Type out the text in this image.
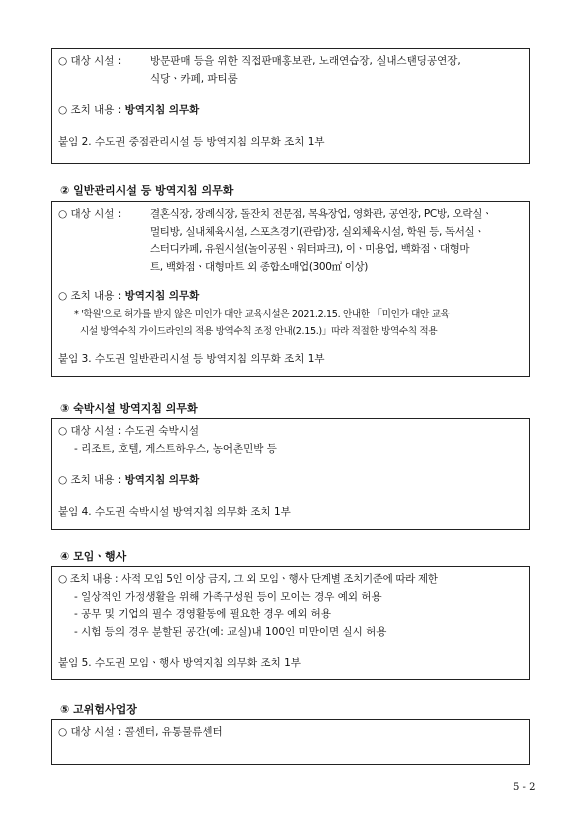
○ 대상 시설 :	방문판매 등을 위한 직접판매홍보관, 노래연습장, 실내스탠딩공연장,
식당ㆍ카페, 파티룸
○ 조치 내용 : 방역지침 의무화
붙임 2. 수도권 중점관리시설 등 방역지침 의무화 조치 1부
② 일반관리시설 등 방역지침 의무화
○ 대상 시설 :	결혼식장, 장례식장, 돌잔치 전문점, 목욕장업, 영화관, 공연장, PC방, 오락실ㆍ
멀티방, 실내체육시설, 스포츠경기(관람)장, 실외체육시설, 학원 등, 독서실ㆍ
스터디카페, 유원시설(놀이공원ㆍ워터파크), 이ㆍ미용업, 백화점ㆍ대형마
트, 백화점ㆍ대형마트 외 종합소매업(300㎡ 이상)
○ 조치 내용 : 방역지침 의무화
* '학원'으로 허가를 받지 않은 미인가 대안 교육시설은 2021.2.15. 안내한 「미인가 대안 교육
시설 방역수칙 가이드라인의 적용 방역수칙 조정 안내(2.15.)」따라 적절한 방역수칙 적용
붙임 3. 수도권 일반관리시설 등 방역지침 의무화 조치 1부
③ 숙박시설 방역지침 의무화
○ 대상 시설 : 수도권 숙박시설
- 리조트, 호텔, 게스트하우스, 농어촌민박 등
○ 조치 내용 : 방역지침 의무화
붙임 4. 수도권 숙박시설 방역지침 의무화 조치 1부
④ 모임ㆍ행사
○ 조치 내용 : 사적 모임 5인 이상 금지, 그 외 모임ㆍ행사 단계별 조치기준에 따라 제한
- 일상적인 가정생활을 위해 가족구성원 등이 모이는 경우 예외 허용
- 공무 및 기업의 필수 경영활동에 필요한 경우 예외 허용
- 시험 등의 경우 분할된 공간(예: 교실)내 100인 미만이면 실시 허용
붙임 5. 수도권 모임ㆍ행사 방역지침 의무화 조치 1부
⑤ 고위험사업장
○ 대상 시설 : 콜센터, 유통물류센터
5 - 2
